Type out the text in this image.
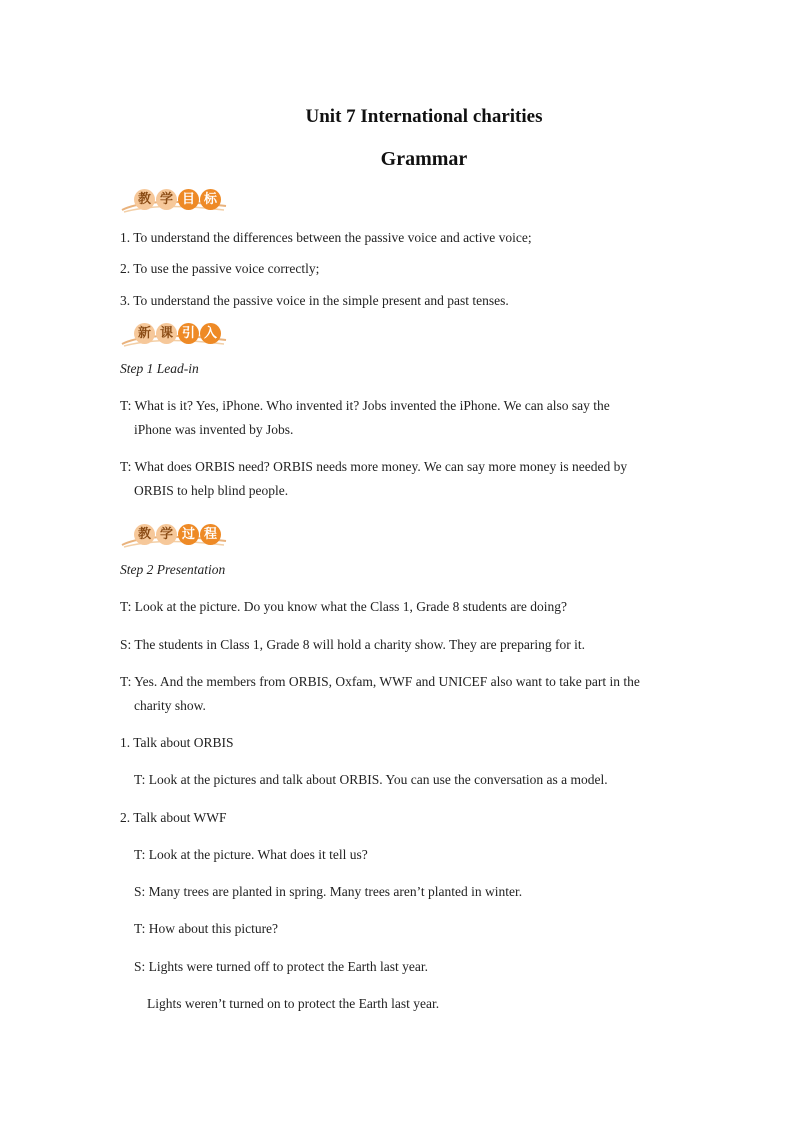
Unit 7 International charities
Grammar
教 学 目 标
1. To understand the differences between the passive voice and active voice;
2. To use the passive voice correctly;
3. To understand the passive voice in the simple present and past tenses.
新 课 引 入
Step 1 Lead-in
T: What is it? Yes, iPhone. Who invented it? Jobs invented the iPhone. We can also say the
iPhone was invented by Jobs.
T: What does ORBIS need? ORBIS needs more money. We can say more money is needed by
ORBIS to help blind people.
教 学 过 程
Step 2 Presentation
T: Look at the picture. Do you know what the Class 1, Grade 8 students are doing?
S: The students in Class 1, Grade 8 will hold a charity show. They are preparing for it.
T: Yes. And the members from ORBIS, Oxfam, WWF and UNICEF also want to take part in the
charity show.
1. Talk about ORBIS
T: Look at the pictures and talk about ORBIS. You can use the conversation as a model.
2. Talk about WWF
T: Look at the picture. What does it tell us?
S: Many trees are planted in spring. Many trees aren’t planted in winter.
T: How about this picture?
S: Lights were turned off to protect the Earth last year.
Lights weren’t turned on to protect the Earth last year.
